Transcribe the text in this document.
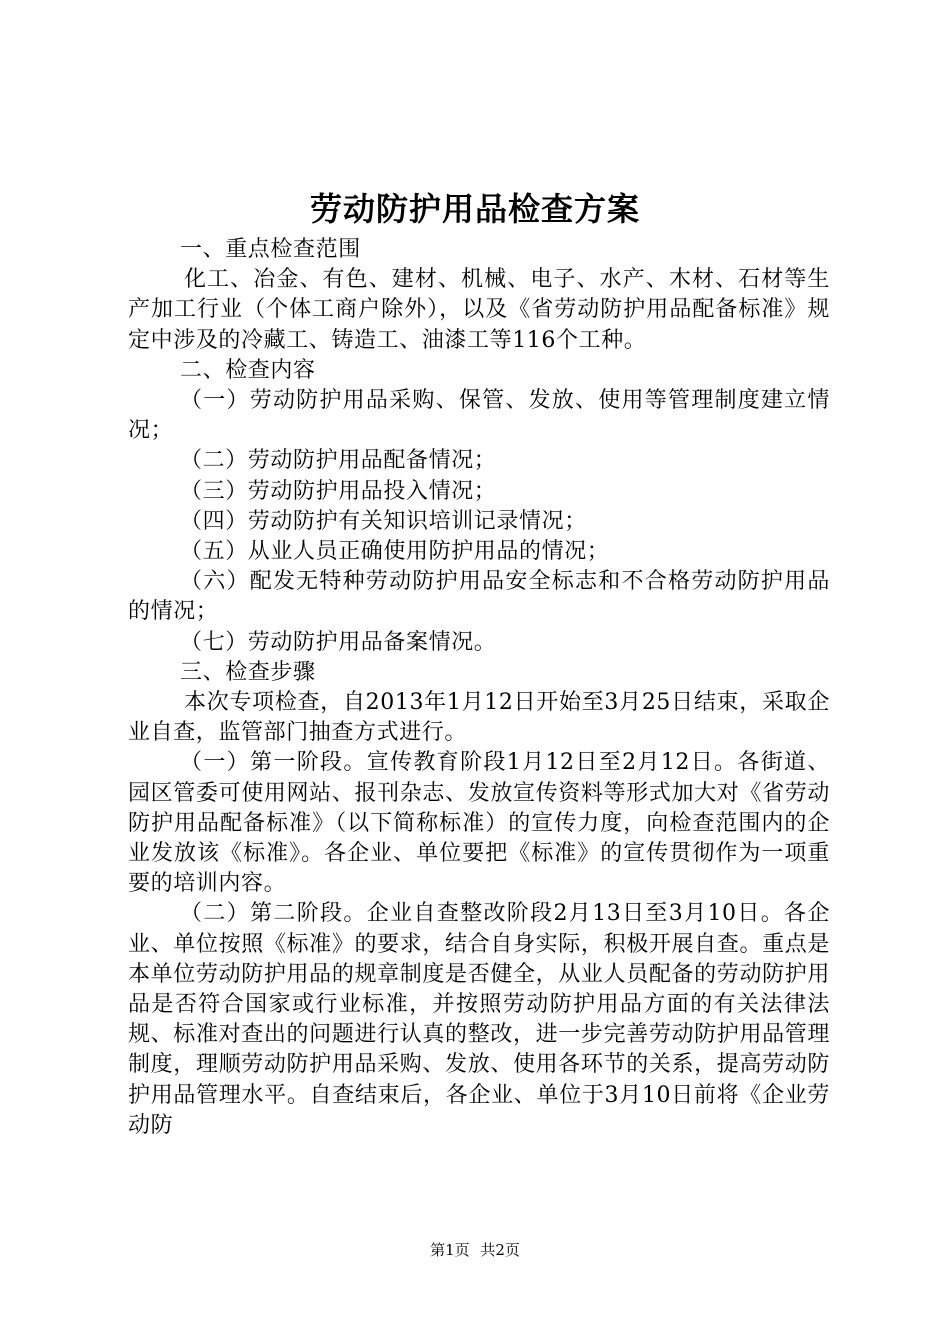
劳动防护用品检查方案

一、重点检查范围

化工、冶金、有色、建材、机械、电子、水产、木材、石材等生产加工行业（个体工商户除外），以及《省劳动防护用品配备标准》规定中涉及的冷藏工、铸造工、油漆工等116个工种。

二、检查内容

（一）劳动防护用品采购、保管、发放、使用等管理制度建立情况；

（二）劳动防护用品配备情况；

（三）劳动防护用品投入情况；

（四）劳动防护有关知识培训记录情况；

（五）从业人员正确使用防护用品的情况；

（六）配发无特种劳动防护用品安全标志和不合格劳动防护用品的情况；

（七）劳动防护用品备案情况。

三、检查步骤

本次专项检查，自2013年1月12日开始至3月25日结束，采取企业自查，监管部门抽查方式进行。

（一）第一阶段。宣传教育阶段1月12日至2月12日。各街道、园区管委可使用网站、报刊杂志、发放宣传资料等形式加大对《省劳动防护用品配备标准》（以下简称标准）的宣传力度，向检查范围内的企业发放该《标准》。各企业、单位要把《标准》的宣传贯彻作为一项重要的培训内容。

（二）第二阶段。企业自查整改阶段2月13日至3月10日。各企业、单位按照《标准》的要求，结合自身实际，积极开展自查。重点是本单位劳动防护用品的规章制度是否健全，从业人员配备的劳动防护用品是否符合国家或行业标准，并按照劳动防护用品方面的有关法律法规、标准对查出的问题进行认真的整改，进一步完善劳动防护用品管理制度，理顺劳动防护用品采购、发放、使用各环节的关系，提高劳动防护用品管理水平。自查结束后，各企业、单位于3月10日前将《企业劳动防

第1页 共2页
